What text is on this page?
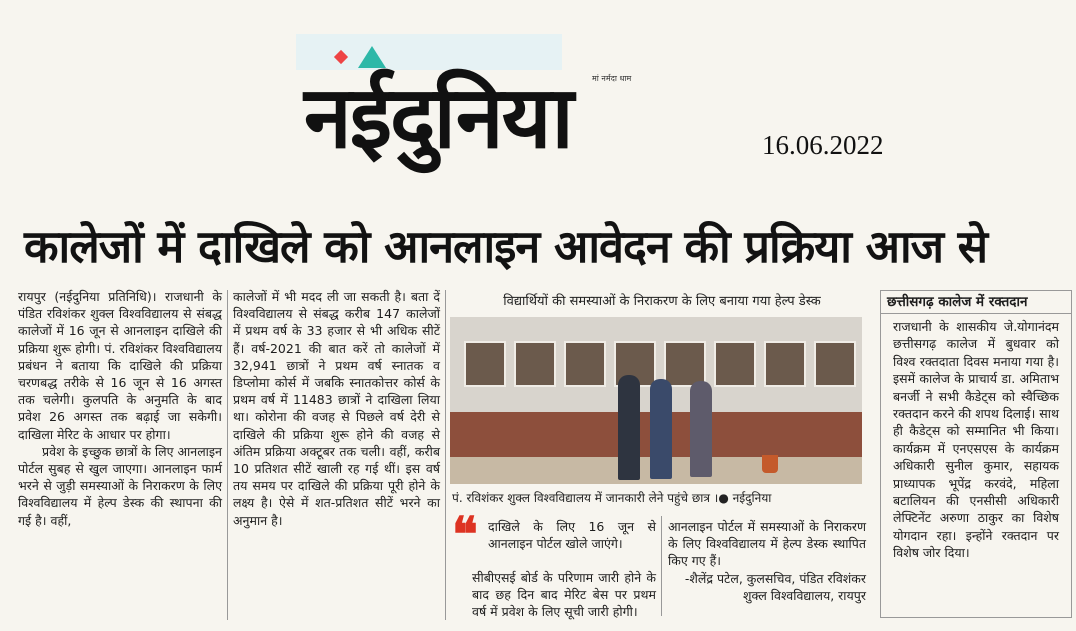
मां नर्मदा धाम
नईदुनिया	16.06.2022
कालेजों में दाखिले को आनलाइन आवेदन की प्रक्रिया आज से

रायपुर (नईदुनिया प्रतिनिधि)। राजधानी के पंडित रविशंकर शुक्ल विश्वविद्यालय से संबद्ध कालेजों में 16 जून से आनलाइन दाखिले की प्रक्रिया शुरू होगी। पं. रविशंकर विश्वविद्यालय प्रबंधन ने बताया कि दाखिले की प्रक्रिया चरणबद्ध तरीके से 16 जून से 16 अगस्त तक चलेगी। कुलपति के अनुमति के बाद प्रवेश 26 अगस्त तक बढ़ाई जा सकेगी। दाखिला मेरिट के आधार पर होगा।

प्रवेश के इच्छुक छात्रों के लिए आनलाइन पोर्टल सुबह से खुल जाएगा। आनलाइन फार्म भरने से जुड़ी समस्याओं के निराकरण के लिए विश्वविद्यालय में हेल्प डेस्क की स्थापना की गई है। वहीं,

कालेजों में भी मदद ली जा सकती है। बता दें विश्वविद्यालय से संबद्ध करीब 147 कालेजों में प्रथम वर्ष के 33 हजार से भी अधिक सीटें हैं। वर्ष-2021 की बात करें तो कालेजों में 32,941 छात्रों ने प्रथम वर्ष स्नातक व डिप्लोमा कोर्स में जबकि स्नातकोत्तर कोर्स के प्रथम वर्ष में 11483 छात्रों ने दाखिला लिया था। कोरोना की वजह से पिछले वर्ष देरी से दाखिले की प्रक्रिया शुरू होने की वजह से अंतिम प्रक्रिया अक्टूबर तक चली। वहीं, करीब 10 प्रतिशत सीटें खाली रह गई थीं। इस वर्ष तय समय पर दाखिले की प्रक्रिया पूरी होने के लक्ष्य है। ऐसे में शत-प्रतिशत सीटें भरने का अनुमान है।

विद्यार्थियों की समस्याओं के निराकरण के लिए बनाया गया हेल्प डेस्क
पं. रविशंकर शुक्ल विश्वविद्यालय में जानकारी लेने पहुंचे छात्र ।● नईदुनिया
❝ दाखिले के लिए 16 जून से आनलाइन पोर्टल खोले जाएंगे।
सीबीएसई बोर्ड के परिणाम जारी होने के बाद छह दिन बाद मेरिट बेस पर प्रथम वर्ष में प्रवेश के लिए सूची जारी होगी।

आनलाइन पोर्टल में समस्याओं के निराकरण के लिए विश्वविद्यालय में हेल्प डेस्क स्थापित किए गए हैं।

-शैलेंद्र पटेल, कुलसचिव, पंडित रविशंकर शुक्ल विश्वविद्यालय, रायपुर

छत्तीसगढ़ कालेज में रक्तदान
राजधानी के शासकीय जे.योगानंदम छत्तीसगढ़ कालेज में बुधवार को विश्व रक्तदाता दिवस मनाया गया है। इसमें कालेज के प्राचार्य डा. अमिताभ बनर्जी ने सभी कैडेट्स को स्वैच्छिक रक्तदान करने की शपथ दिलाई। साथ ही कैडेट्स को सम्मानित भी किया। कार्यक्रम में एनएसएस के कार्यक्रम अधिकारी सुनील कुमार, सहायक प्राध्यापक भूपेंद्र करवंदे, महिला बटालियन की एनसीसी अधिकारी लेफ्टिनेंट अरुणा ठाकुर का विशेष योगदान रहा। इन्होंने रक्तदान पर विशेष जोर दिया।
